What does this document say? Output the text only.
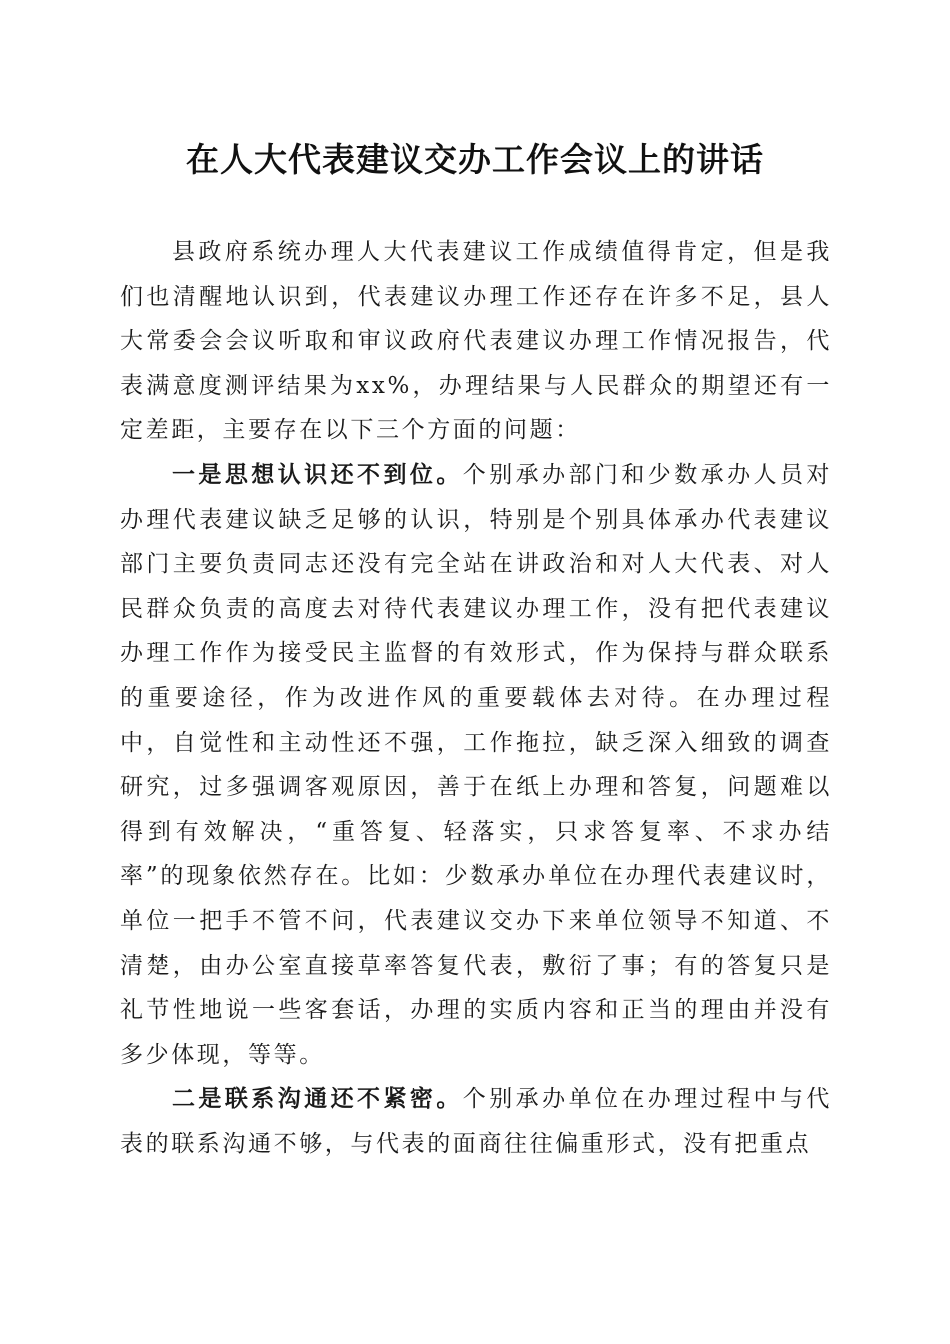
在人大代表建议交办工作会议上的讲话

县政府系统办理人大代表建议工作成绩值得肯定，但是我们也清醒地认识到，代表建议办理工作还存在许多不足，县人大常委会会议听取和审议政府代表建议办理工作情况报告，代表满意度测评结果为xx%，办理结果与人民群众的期望还有一定差距，主要存在以下三个方面的问题：

一是思想认识还不到位。个别承办部门和少数承办人员对办理代表建议缺乏足够的认识，特别是个别具体承办代表建议部门主要负责同志还没有完全站在讲政治和对人大代表、对人民群众负责的高度去对待代表建议办理工作，没有把代表建议办理工作作为接受民主监督的有效形式，作为保持与群众联系的重要途径，作为改进作风的重要载体去对待。在办理过程中，自觉性和主动性还不强，工作拖拉，缺乏深入细致的调查研究，过多强调客观原因，善于在纸上办理和答复，问题难以得到有效解决，“重答复、轻落实，只求答复率、不求办结率”的现象依然存在。比如：少数承办单位在办理代表建议时，单位一把手不管不问，代表建议交办下来单位领导不知道、不清楚，由办公室直接草率答复代表，敷衍了事；有的答复只是礼节性地说一些客套话，办理的实质内容和正当的理由并没有多少体现，等等。

二是联系沟通还不紧密。个别承办单位在办理过程中与代表的联系沟通不够，与代表的面商往往偏重形式，没有把重点
